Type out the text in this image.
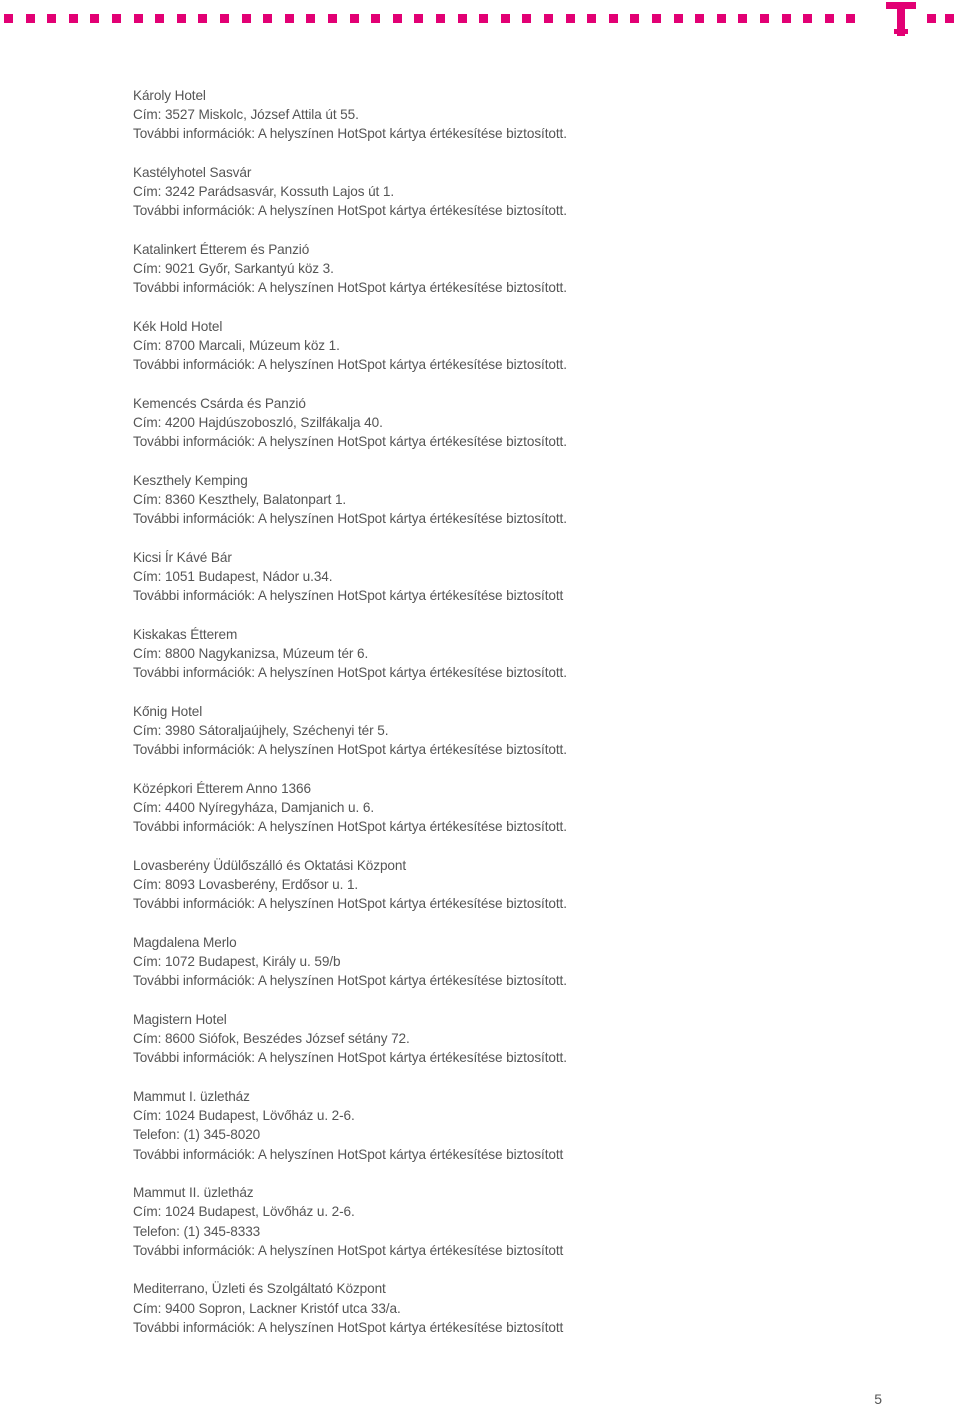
Károly Hotel
Cím: 3527 Miskolc, József Attila út 55.
További információk: A helyszínen HotSpot kártya értékesítése biztosított.
Kastélyhotel Sasvár
Cím: 3242 Parádsasvár, Kossuth Lajos út 1.
További információk: A helyszínen HotSpot kártya értékesítése biztosított.
Katalinkert Étterem és Panzió
Cím: 9021 Győr, Sarkantyú köz 3.
További információk: A helyszínen HotSpot kártya értékesítése biztosított.
Kék Hold Hotel
Cím: 8700 Marcali, Múzeum köz 1.
További információk: A helyszínen HotSpot kártya értékesítése biztosított.
Kemencés Csárda és Panzió
Cím: 4200 Hajdúszoboszló, Szilfákalja 40.
További információk: A helyszínen HotSpot kártya értékesítése biztosított.
Keszthely Kemping
Cím: 8360 Keszthely, Balatonpart 1.
További információk: A helyszínen HotSpot kártya értékesítése biztosított.
Kicsi Ír Kávé Bár
Cím: 1051 Budapest, Nádor u.34.
További információk: A helyszínen HotSpot kártya értékesítése biztosított
Kiskakas Étterem
Cím: 8800 Nagykanizsa, Múzeum tér 6.
További információk: A helyszínen HotSpot kártya értékesítése biztosított.
Kőnig Hotel
Cím: 3980 Sátoraljaújhely, Széchenyi tér 5.
További információk: A helyszínen HotSpot kártya értékesítése biztosított.
Középkori Étterem Anno 1366
Cím: 4400 Nyíregyháza, Damjanich u. 6.
További információk: A helyszínen HotSpot kártya értékesítése biztosított.
Lovasberény Üdülőszálló és Oktatási Központ
Cím: 8093 Lovasberény, Erdősor u. 1.
További információk: A helyszínen HotSpot kártya értékesítése biztosított.
Magdalena Merlo
Cím: 1072 Budapest, Király u. 59/b
További információk: A helyszínen HotSpot kártya értékesítése biztosított.
Magistern Hotel
Cím: 8600 Siófok, Beszédes József sétány 72.
További információk: A helyszínen HotSpot kártya értékesítése biztosított.
Mammut I. üzletház
Cím: 1024 Budapest, Lövőház u. 2-6.
Telefon: (1) 345-8020
További információk: A helyszínen HotSpot kártya értékesítése biztosított
Mammut II. üzletház
Cím: 1024 Budapest, Lövőház u. 2-6.
Telefon: (1) 345-8333
További információk: A helyszínen HotSpot kártya értékesítése biztosított
Mediterrano, Üzleti és Szolgáltató Központ
Cím: 9400 Sopron, Lackner Kristóf utca 33/a.
További információk: A helyszínen HotSpot kártya értékesítése biztosított
5
